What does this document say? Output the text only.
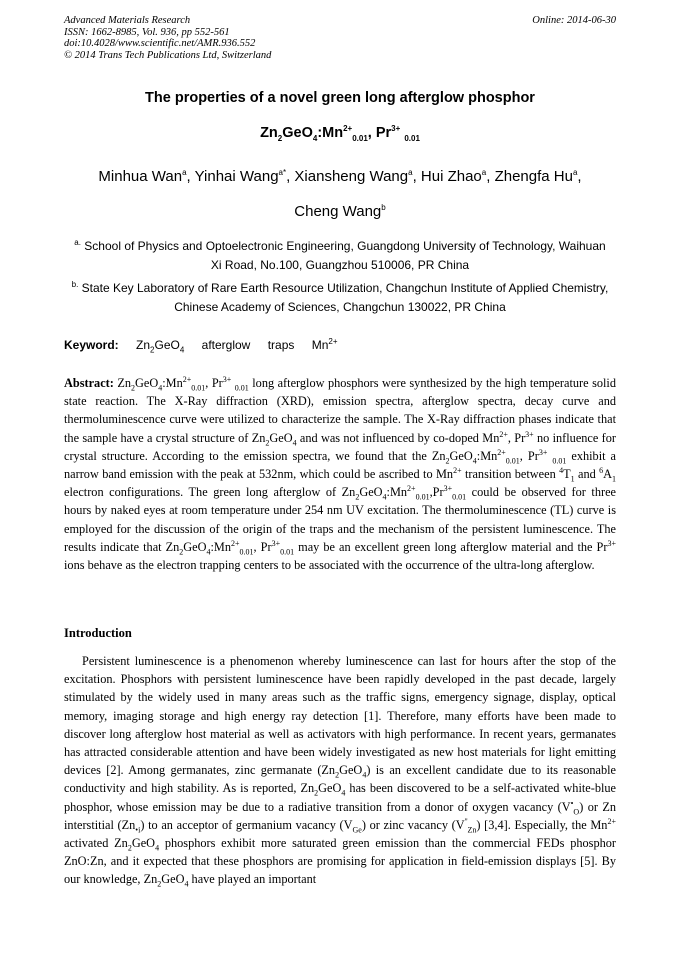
Advanced Materials Research
ISSN: 1662-8985, Vol. 936, pp 552-561
doi:10.4028/www.scientific.net/AMR.936.552
© 2014 Trans Tech Publications Ltd, Switzerland
Online: 2014-06-30
The properties of a novel green long afterglow phosphor
$Zn_2GeO_4:Mn^{2+}_{0.01}$, $Pr^{3+}$ $_{0.01}$
Minhua Wan$^a$, Yinhai Wang$^{a*}$, Xiansheng Wang$^a$, Hui Zhao$^a$, Zhengfa Hu$^a$,
Cheng Wang$^b$
$^{a.}$ School of Physics and Optoelectronic Engineering, Guangdong University of Technology, Waihuan Xi Road, No.100, Guangzhou 510006, PR China
$^{b.}$ State Key Laboratory of Rare Earth Resource Utilization, Changchun Institute of Applied Chemistry, Chinese Academy of Sciences, Changchun 130022, PR China
Keyword: $Zn_2GeO_4$ afterglow traps $Mn^{2+}$
Abstract: $Zn_2GeO_4:Mn^{2+}_{0.01}$, $Pr^{3+}$ $_{0.01}$ long afterglow phosphors were synthesized by the high temperature solid state reaction. The X-Ray diffraction (XRD), emission spectra, afterglow spectra, decay curve and thermoluminescence curve were utilized to characterize the sample. The X-Ray diffraction phases indicate that the sample have a crystal structure of $Zn_2GeO_4$ and was not influenced by co-doped $Mn^{2+}$, $Pr^{3+}$ no influence for crystal structure. According to the emission spectra, we found that the $Zn_2GeO_4:Mn^{2+}_{0.01}$, $Pr^{3+}$ $_{0.01}$ exhibit a narrow band emission with the peak at 532nm, which could be ascribed to $Mn^{2+}$ transition between $^4T_1$ and $^6A_1$ electron configurations. The green long afterglow of $Zn_2GeO_4:Mn^{2+}_{0.01},Pr^{3+}_{0.01}$ could be observed for three hours by naked eyes at room temperature under 254 nm UV excitation. The thermoluminescence (TL) curve is employed for the discussion of the origin of the traps and the mechanism of the persistent luminescence. The results indicate that $Zn_2GeO_4:Mn^{2+}_{0.01}$, $Pr^{3+}_{0.01}$ may be an excellent green long afterglow material and the $Pr^{3+}$ ions behave as the electron trapping centers to be associated with the occurrence of the ultra-long afterglow.
Introduction
Persistent luminescence is a phenomenon whereby luminescence can last for hours after the stop of the excitation. Phosphors with persistent luminescence have been rapidly developed in the past decade, largely stimulated by the widely used in many areas such as the traffic signs, emergency signage, display, optical memory, imaging storage and high energy ray detection [1]. Therefore, many efforts have been made to discover long afterglow host material as well as activators with high performance. In recent years, germanates has attracted considerable attention and have been widely investigated as new host materials for light emitting devices [2]. Among germanates, zinc germanate $(Zn_2GeO_4)$ is an excellent candidate due to its reasonable conductivity and high stability. As is reported, $Zn_2GeO_4$ has been discovered to be a self-activated white-blue phosphor, whose emission may be due to a radiative transition from a donor of oxygen vacancy $(V^•_O)$ or Zn interstitial $(Zn_{•i})$ to an acceptor of germanium vacancy $(V_{Ge})$ or zinc vacancy $(V''_{Zn})$ [3,4]. Especially, the $Mn^{2+}$ activated $Zn_2GeO_4$ phosphors exhibit more saturated green emission than the commercial FEDs phosphor ZnO:Zn, and it expected that these phosphors are promising for application in field-emission displays [5]. By our knowledge, $Zn_2GeO_4$ have played an important
